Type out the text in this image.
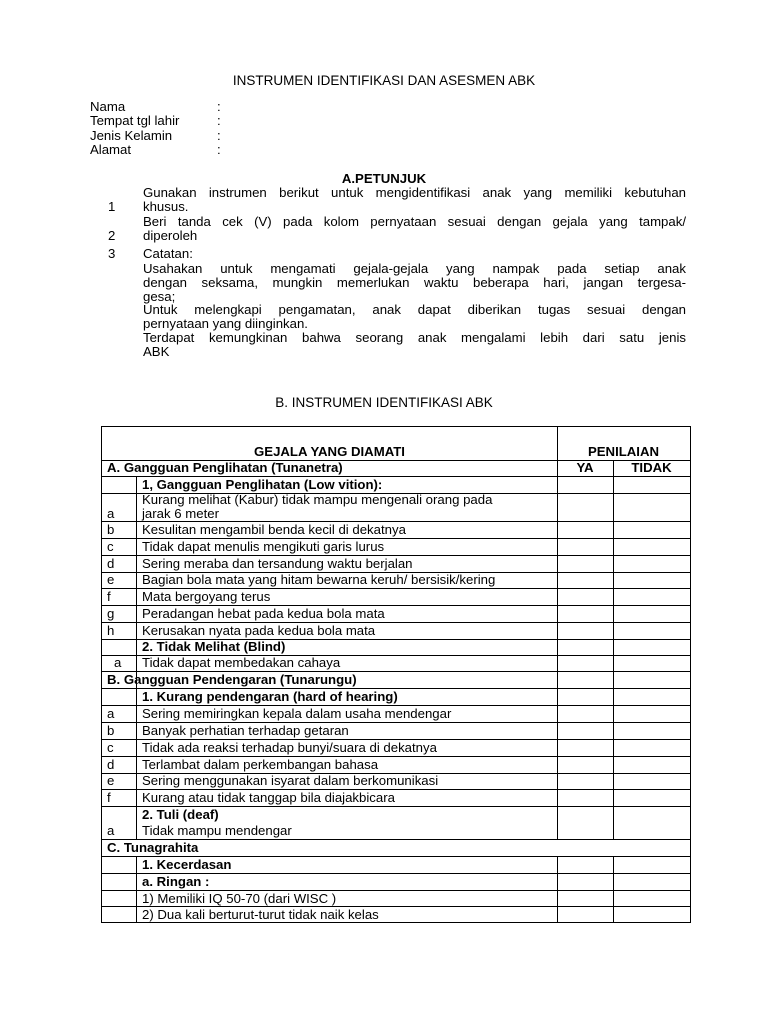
INSTRUMEN IDENTIFIKASI DAN ASESMEN ABK
Nama	:
Tempat tgl lahir	:
Jenis Kelamin	:
Alamat	:
A.PETUNJUK
1
Gunakan instrumen berikut untuk mengidentifikasi anak yang memiliki kebutuhan
khusus.
2
Beri tanda cek (V) pada kolom pernyataan sesuai dengan gejala yang tampak/
diperoleh
3 Catatan:
Usahakan untuk mengamati gejala-gejala yang nampak pada setiap anak
dengan seksama, mungkin memerlukan waktu beberapa hari, jangan tergesa-
gesa;
Untuk melengkapi pengamatan, anak dapat diberikan tugas sesuai dengan
pernyataan yang diinginkan.
Terdapat kemungkinan bahwa seorang anak mengalami lebih dari satu jenis
ABK
B. INSTRUMEN IDENTIFIKASI ABK
GEJALA YANG DIAMATI	PENILAIAN
YA	TIDAK
A. Gangguan Penglihatan (Tunanetra)
1, Gangguan Penglihatan (Low vition):
a
Kurang melihat (Kabur) tidak mampu mengenali orang pada
jarak 6 meter
b Kesulitan mengambil benda kecil di dekatnya
c Tidak dapat menulis mengikuti garis lurus
d Sering meraba dan tersandung waktu berjalan
e Bagian bola mata yang hitam bewarna keruh/ bersisik/kering
f Mata bergoyang terus
g Peradangan hebat pada kedua bola mata
h Kerusakan nyata pada kedua bola mata
2. Tidak Melihat (Blind)
a Tidak dapat membedakan cahaya
B. Gangguan Pendengaran (Tunarungu)
1. Kurang pendengaran (hard of hearing)
a Sering memiringkan kepala dalam usaha mendengar
b Banyak perhatian terhadap getaran
c Tidak ada reaksi terhadap bunyi/suara di dekatnya
d Terlambat dalam perkembangan bahasa
e Sering menggunakan isyarat dalam berkomunikasi
f Kurang atau tidak tanggap bila diajakbicara
2. Tuli (deaf)
a Tidak mampu mendengar
C. Tunagrahita
1. Kecerdasan
a. Ringan :
1) Memiliki IQ 50-70 (dari WISC )
2) Dua kali berturut-turut tidak naik kelas
